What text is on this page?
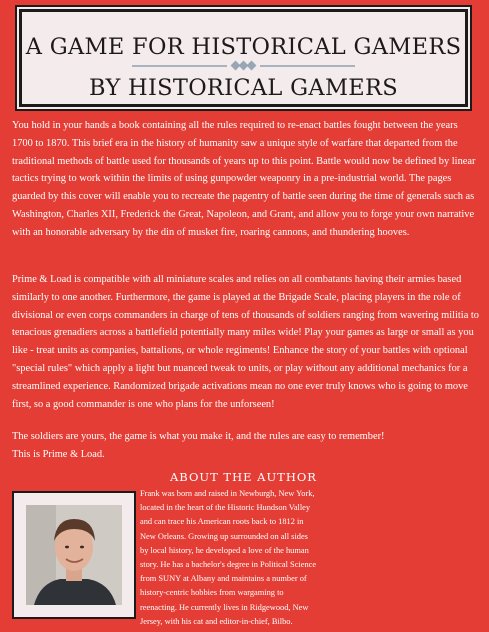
A GAME FOR HISTORICAL GAMERS
BY HISTORICAL GAMERS

You hold in your hands a book containing all the rules required to re-enact battles fought between the years 1700 to 1870. This brief era in the history of humanity saw a unique style of warfare that departed from the traditional methods of battle used for thousands of years up to this point. Battle would now be defined by linear tactics trying to work within the limits of using gunpowder weaponry in a pre-industrial world. The pages guarded by this cover will enable you to recreate the pagentry of battle seen during the time of generals such as Washington, Charles XII, Frederick the Great, Napoleon, and Grant, and allow you to forge your own narrative with an honorable adversary by the din of musket fire, roaring cannons, and thundering hooves.

Prime & Load is compatible with all miniature scales and relies on all combatants having their armies based similarly to one another. Furthermore, the game is played at the Brigade Scale, placing players in the role of divisional or even corps commanders in charge of tens of thousands of soldiers ranging from wavering militia to tenacious grenadiers across a battlefield potentially many miles wide! Play your games as large or small as you like - treat units as companies, battalions, or whole regiments! Enhance the story of your battles with optional "special rules" which apply a light but nuanced tweak to units, or play without any additional mechanics for a streamlined experience. Randomized brigade activations mean no one ever truly knows who is going to move first, so a good commander is one who plans for the unforseen!

The soldiers are yours, the game is what you make it, and the rules are easy to remember!
This is Prime & Load.
ABOUT THE AUTHOR

Frank was born and raised in Newburgh, New York, located in the heart of the Historic Hundson Valley and can trace his American roots back to 1812 in New Orleans. Growing up surrounded on all sides by local history, he developed a love of the human story. He has a bachelor's degree in Political Science from SUNY at Albany and maintains a number of history-centric hobbies from wargaming to reenacting. He currently lives in Ridgewood, New Jersey, with his cat and editor-in-chief, Bilbo.
